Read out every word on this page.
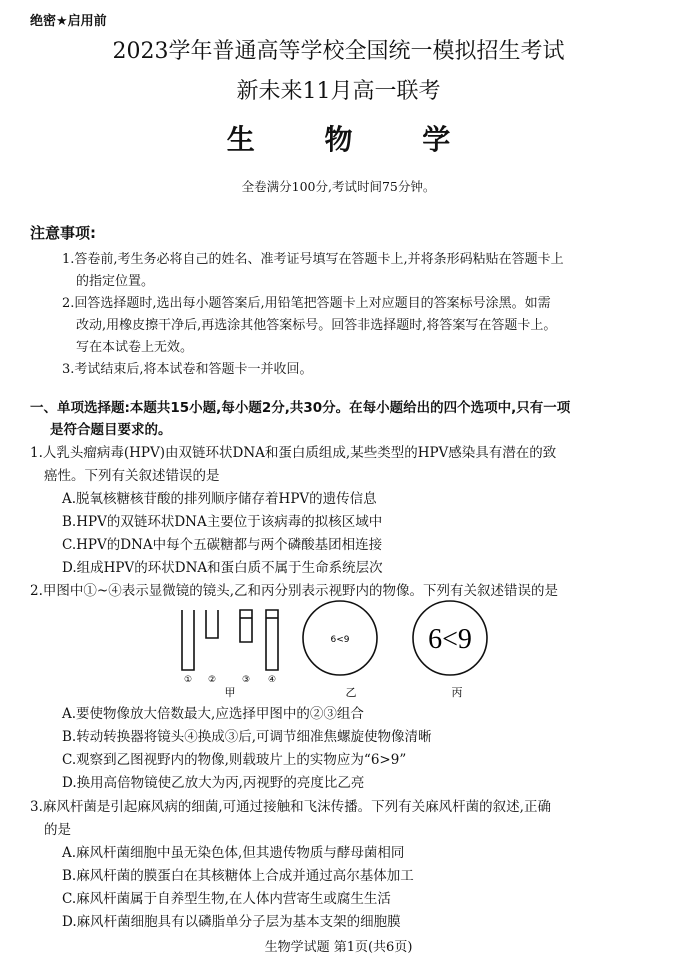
绝密★启用前
2023学年普通高等学校全国统一模拟招生考试
新未来11月高一联考
生 物 学
全卷满分100分,考试时间75分钟。
注意事项:
1.答卷前,考生务必将自己的姓名、准考证号填写在答题卡上,并将条形码粘贴在答题卡上
的指定位置。
2.回答选择题时,选出每小题答案后,用铅笔把答题卡上对应题目的答案标号涂黑。如需
改动,用橡皮擦干净后,再选涂其他答案标号。回答非选择题时,将答案写在答题卡上。
写在本试卷上无效。
3.考试结束后,将本试卷和答题卡一并收回。
一、单项选择题:本题共15小题,每小题2分,共30分。在每小题给出的四个选项中,只有一项
是符合题目要求的。
1.人乳头瘤病毒(HPV)由双链环状DNA和蛋白质组成,某些类型的HPV感染具有潜在的致
癌性。下列有关叙述错误的是
A.脱氧核糖核苷酸的排列顺序储存着HPV的遗传信息
B.HPV的双链环状DNA主要位于该病毒的拟核区域中
C.HPV的DNA中每个五碳糖都与两个磷酸基团相连接
D.组成HPV的环状DNA和蛋白质不属于生命系统层次
2.甲图中①~④表示显微镜的镜头,乙和丙分别表示视野内的物像。下列有关叙述错误的是
① ②	③ ④
甲
6<9	6<9
乙	丙
A.要使物像放大倍数最大,应选择甲图中的②③组合
B.转动转换器将镜头④换成③后,可调节细准焦螺旋使物像清晰
C.观察到乙图视野内的物像,则载玻片上的实物应为“6>9”
D.换用高倍物镜使乙放大为丙,丙视野的亮度比乙亮
3.麻风杆菌是引起麻风病的细菌,可通过接触和飞沫传播。下列有关麻风杆菌的叙述,正确
的是
A.麻风杆菌细胞中虽无染色体,但其遗传物质与酵母菌相同
B.麻风杆菌的膜蛋白在其核糖体上合成并通过高尔基体加工
C.麻风杆菌属于自养型生物,在人体内营寄生或腐生生活
D.麻风杆菌细胞具有以磷脂单分子层为基本支架的细胞膜
生物学试题 第1页(共6页)
